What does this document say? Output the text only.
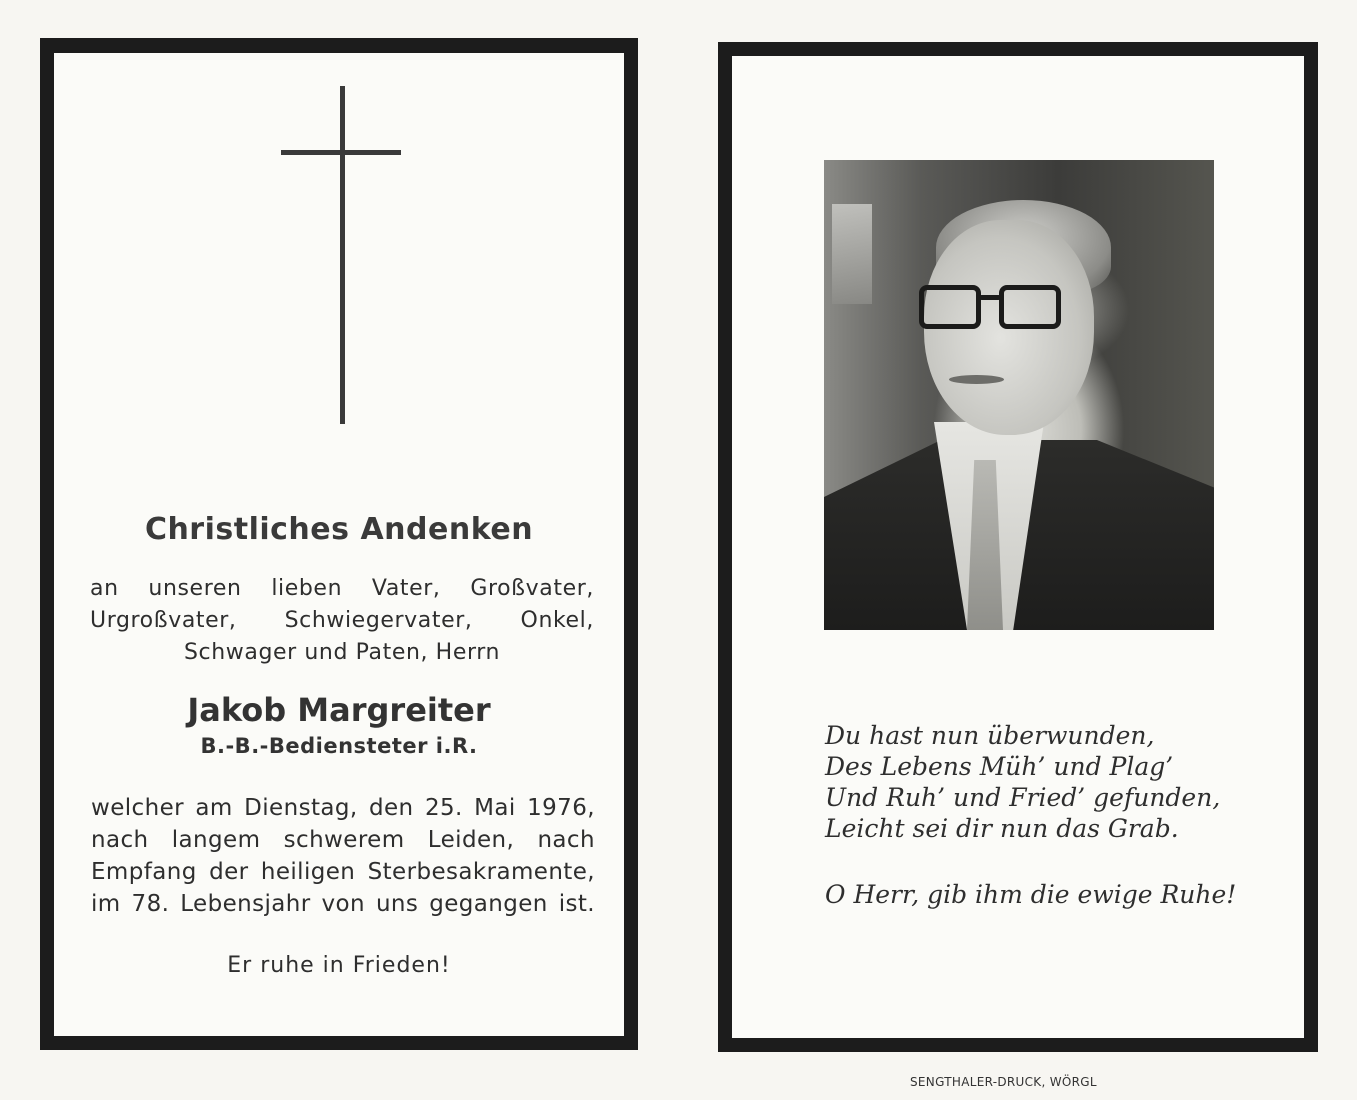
Christliches Andenken
an unseren lieben Vater, Großvater,
Urgroßvater, Schwiegervater, Onkel,
Schwager und Paten, Herrn
Jakob Margreiter
B.-B.-Bediensteter i.R.
welcher am Dienstag, den 25. Mai 1976,
nach langem schwerem Leiden, nach
Empfang der heiligen Sterbesakramente,
im 78. Lebensjahr von uns gegangen ist.
Er ruhe in Frieden!
Du hast nun überwunden,
Des Lebens Müh’ und Plag’
Und Ruh’ und Fried’ gefunden,
Leicht sei dir nun das Grab.
O Herr, gib ihm die ewige Ruhe!
SENGTHALER-DRUCK, WÖRGL
